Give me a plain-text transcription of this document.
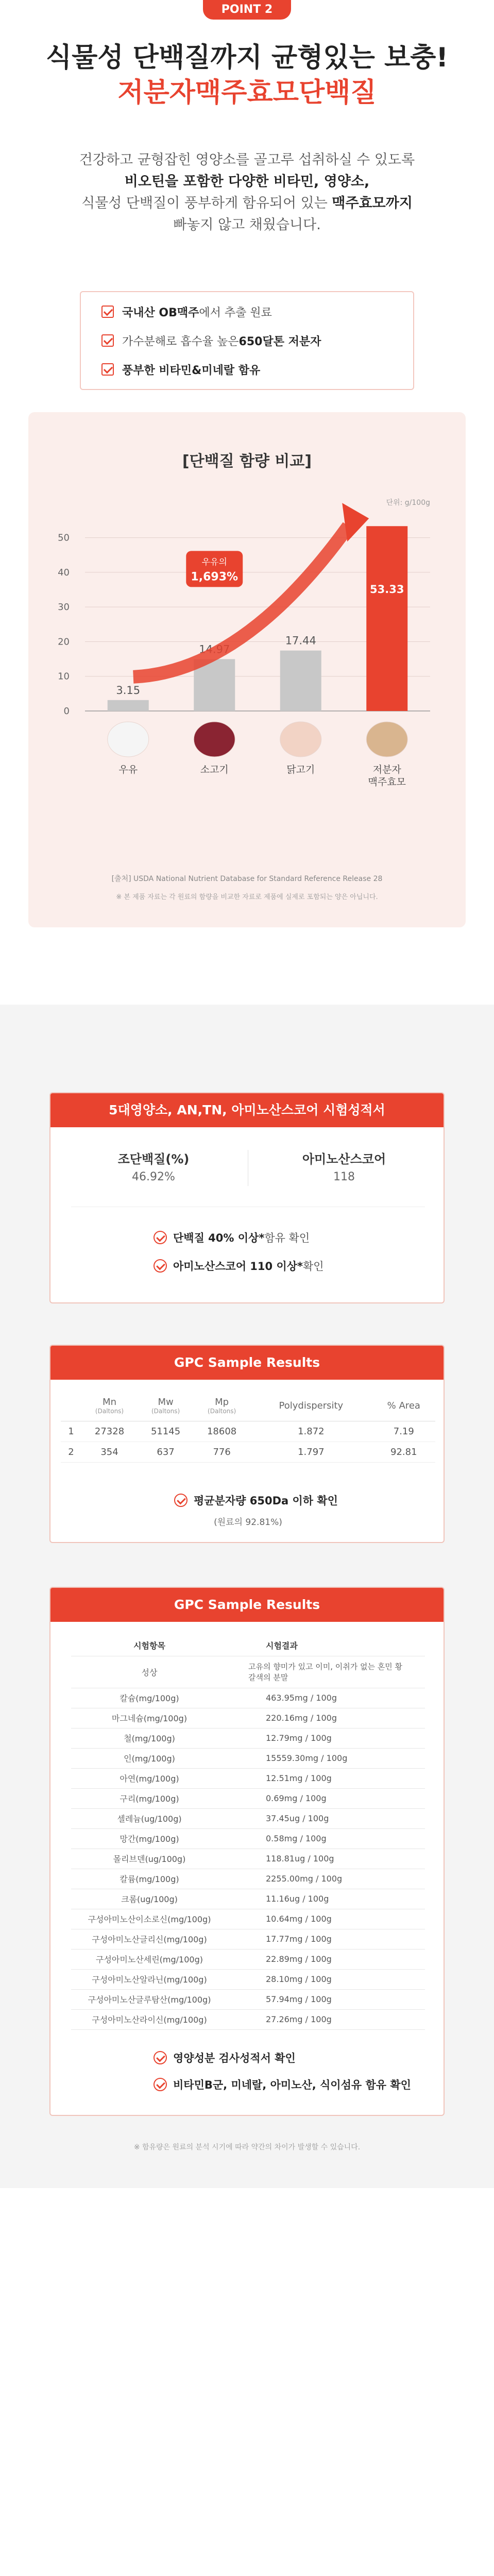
POINT 2
식물성 단백질까지 균형있는 보충!
저분자맥주효모단백질
건강하고 균형잡힌 영양소를 골고루 섭취하실 수 있도록
비오틴을 포함한 다양한 비타민, 영양소,
식물성 단백질이 풍부하게 함유되어 있는 맥주효모까지
빠놓지 않고 채웠습니다.
국내산 OB맥주 에서 추출 원료
가수분해로 흡수율 높은 650달톤 저분자
풍부한 비타민&미네랄 함유
[단백질 함량 비교]
단위: g/100g
0
10
20
30
40
50
3.15
우유
14.97
소고기
17.44
닭고기
53.33
저분자
맥주효모
우유의
1,693%
[출처] USDA National Nutrient Database for Standard Reference Release 28
※ 본 제품 자료는 각 원료의 함량을 비교한 자료로 제품에 실제로 포함되는 양은 아닙니다.
5대영양소, AN,TN, 아미노산스코어 시험성적서
조단백질(%)
46.92%
아미노산스코어
118
단백질 40% 이상* 함유 확인
아미노산스코어 110 이상* 확인
GPC Sample Results
	Mn
(Daltons)	Mw
(Daltons)	Mp
(Daltons)	Polydispersity	% Area
1	27328	51145	18608	1.872	7.19
2	354	637	776	1.797	92.81
평균분자량 650Da 이하 확인
(원료의 92.81%)
GPC Sample Results
시험항목	시험결과
성상	고유의 향미가 있고 이미, 이취가 없는 혼민 황갈색의 분말
칼슘(mg/100g)	463.95mg / 100g
마그네슘(mg/100g)	220.16mg / 100g
철(mg/100g)	12.79mg / 100g
인(mg/100g)	15559.30mg / 100g
아연(mg/100g)	12.51mg / 100g
구리(mg/100g)	0.69mg / 100g
셀레늄(ug/100g)	37.45ug / 100g
망간(mg/100g)	0.58mg / 100g
몰리브덴(ug/100g)	118.81ug / 100g
칼륨(mg/100g)	2255.00mg / 100g
크롬(ug/100g)	11.16ug / 100g
구성아미노산이소로신(mg/100g)	10.64mg / 100g
구성아미노산글리신(mg/100g)	17.77mg / 100g
구성아미노산세린(mg/100g)	22.89mg / 100g
구성아미노산알라닌(mg/100g)	28.10mg / 100g
구성아미노산글루탐산(mg/100g)	57.94mg / 100g
구성아미노산라이신(mg/100g)	27.26mg / 100g
영양성분 검사성적서 확인
비타민B군, 미네랄, 아미노산, 식이섬유 함유 확인
※ 함유량은 원료의 분석 시기에 따라 약간의 차이가 발생할 수 있습니다.
